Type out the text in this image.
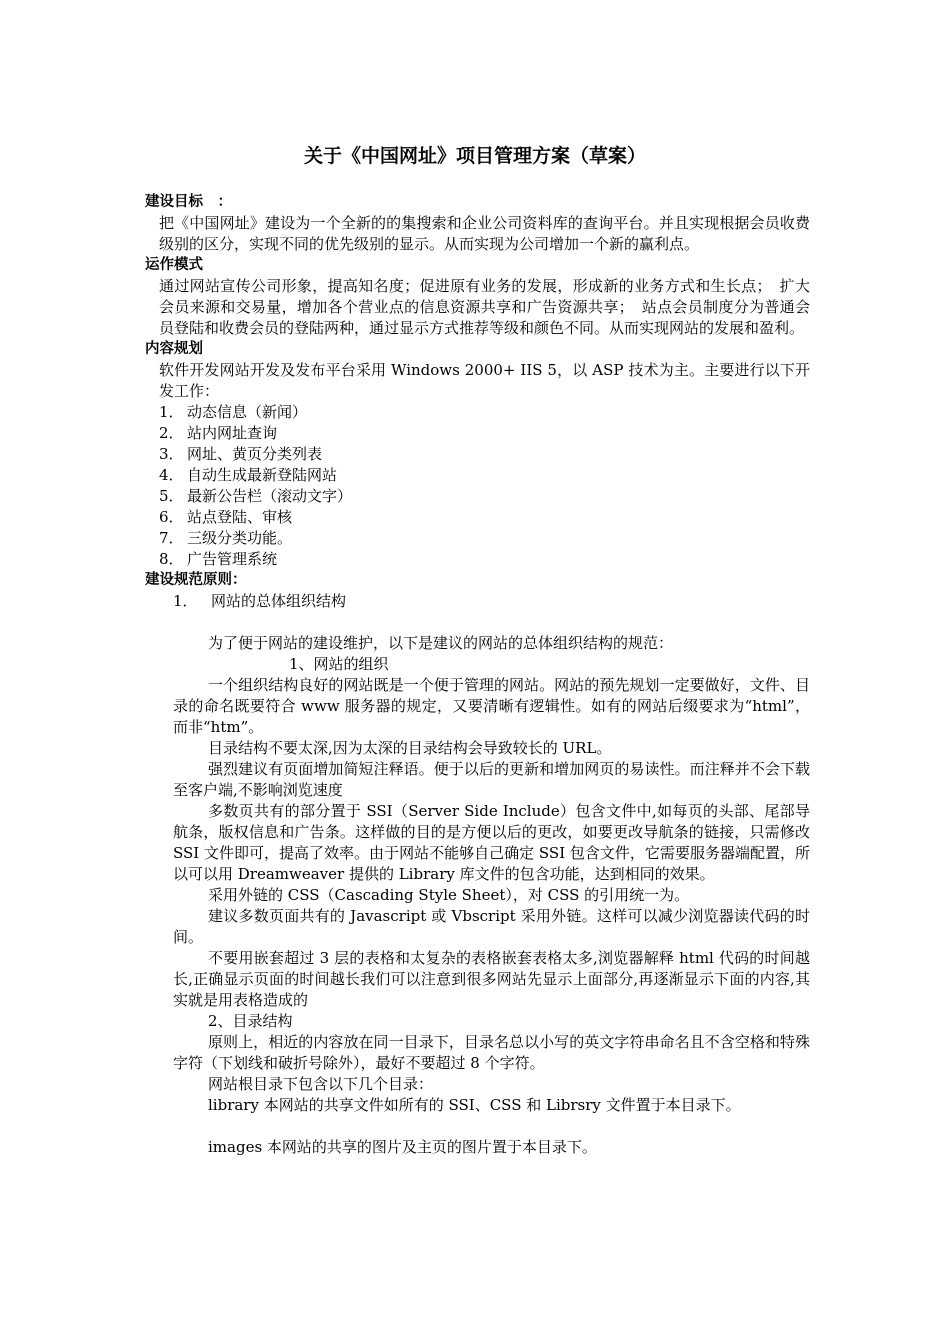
关于《中国网址》项目管理方案（草案）

建设目标　：

把《中国网址》建设为一个全新的的集搜索和企业公司资料库的查询平台。并且实现根据会员收费级别的区分，实现不同的优先级别的显示。从而实现为公司增加一个新的赢利点。

运作模式

通过网站宣传公司形象，提高知名度；促进原有业务的发展，形成新的业务方式和生长点；　扩大会员来源和交易量，增加各个营业点的信息资源共享和广告资源共享；　站点会员制度分为普通会员登陆和收费会员的登陆两种，通过显示方式推荐等级和颜色不同。从而实现网站的发展和盈利。

内容规划

软件开发网站开发及发布平台采用 Windows 2000+ IIS 5，以 ASP 技术为主。主要进行以下开发工作：

1． 动态信息（新闻）
2． 站内网址查询
3． 网址、黄页分类列表
4． 自动生成最新登陆网站
5． 最新公告栏（滚动文字）
6． 站点登陆、审核
7． 三级分类功能。
8． 广告管理系统

建设规范原则：

1． 网站的总体组织结构

为了便于网站的建设维护，以下是建议的网站的总体组织结构的规范：

1、网站的组织

一个组织结构良好的网站既是一个便于管理的网站。网站的预先规划一定要做好，文件、目录的命名既要符合 www 服务器的规定，又要清晰有逻辑性。如有的网站后缀要求为“html”，而非“htm”。

目录结构不要太深,因为太深的目录结构会导致较长的 URL。

强烈建议有页面增加简短注释语。便于以后的更新和增加网页的易读性。而注释并不会下载至客户端,不影响浏览速度

多数页共有的部分置于 SSI（Server Side Include）包含文件中,如每页的头部、尾部导航条，版权信息和广告条。这样做的目的是方便以后的更改，如要更改导航条的链接，只需修改 SSI 文件即可，提高了效率。由于网站不能够自己确定 SSI 包含文件，它需要服务器端配置，所以可以用 Dreamweaver 提供的 Library 库文件的包含功能，达到相同的效果。

采用外链的 CSS（Cascading Style Sheet），对 CSS 的引用统一为。

建议多数页面共有的 Javascript 或 Vbscript 采用外链。这样可以减少浏览器读代码的时间。

不要用嵌套超过 3 层的表格和太复杂的表格嵌套表格太多,浏览器解释 html 代码的时间越长,正确显示页面的时间越长我们可以注意到很多网站先显示上面部分,再逐渐显示下面的内容,其实就是用表格造成的

2、目录结构

原则上，相近的内容放在同一目录下，目录名总以小写的英文字符串命名且不含空格和特殊字符（下划线和破折号除外），最好不要超过 8 个字符。

网站根目录下包含以下几个目录：

library 本网站的共享文件如所有的 SSI、CSS 和 Librsry 文件置于本目录下。

images 本网站的共享的图片及主页的图片置于本目录下。
